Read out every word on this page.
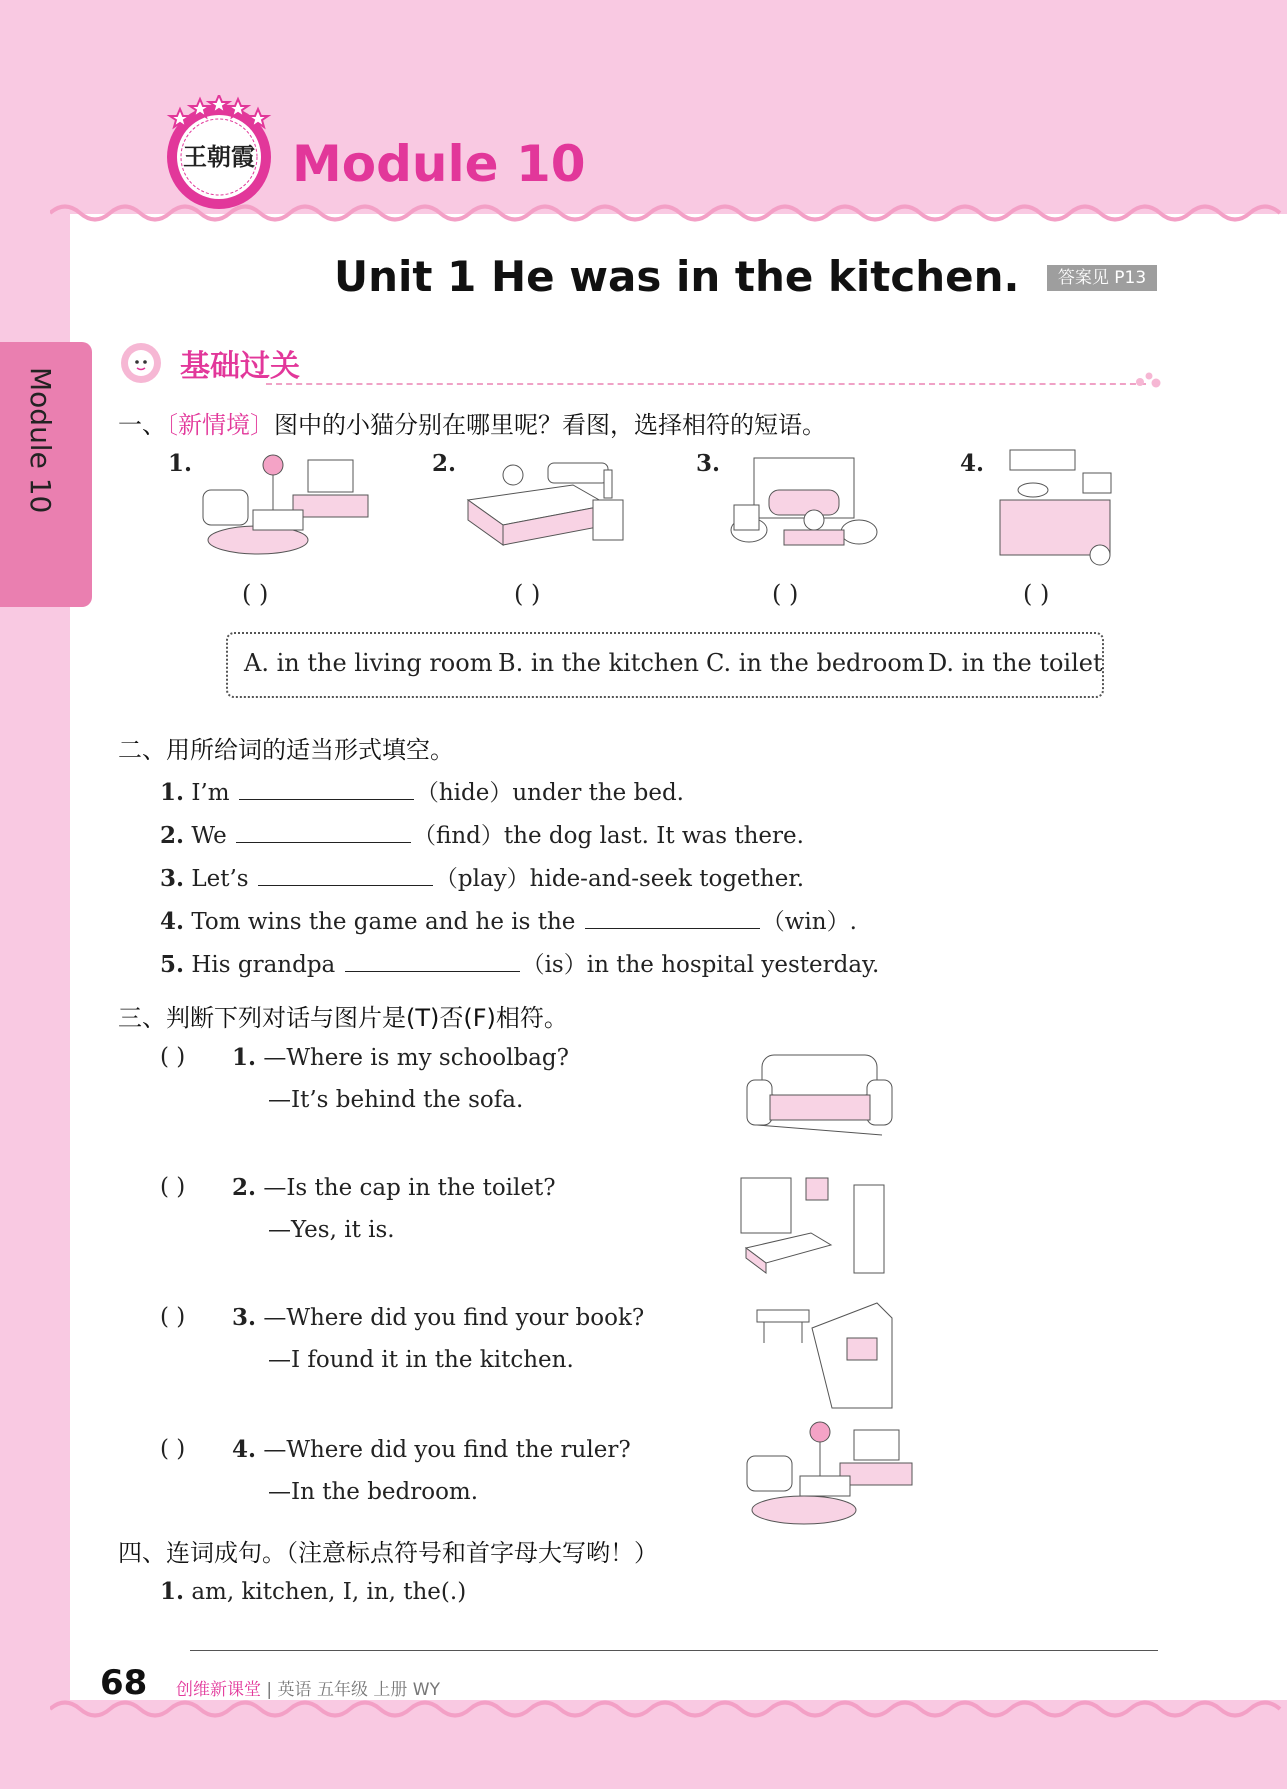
Module 10
王朝霞 Module 10
Unit 1 He was in the kitchen.	答案见 P13
基础过关
一、〔新情境〕图中的小猫分别在哪里呢？看图，选择相符的短语。
1.
( )
2.
( )
3.
( )
4.
( )
A. in the living room B. in the kitchen C. in the bedroom D. in the toilet
二、用所给词的适当形式填空。
1. I’m	（hide）under the bed.
2. We	（find）the dog last. It was there.
3. Let’s	（play）hide-and-seek together.
4. Tom wins the game and he is the	（win）.
5. His grandpa	（is）in the hospital yesterday.
三、判断下列对话与图片是(T)否(F)相符。
( ) 1. —Where is my schoolbag?
—It’s behind the sofa.
( ) 2. —Is the cap in the toilet?
—Yes, it is.
( ) 3. —Where did you find your book?
—I found it in the kitchen.
( ) 4. —Where did you find the ruler?
—In the bedroom.
四、连词成句。（注意标点符号和首字母大写哟！）
1. am, kitchen, I, in, the(.)
68 创维新课堂 | 英语 五年级 上册 WY
